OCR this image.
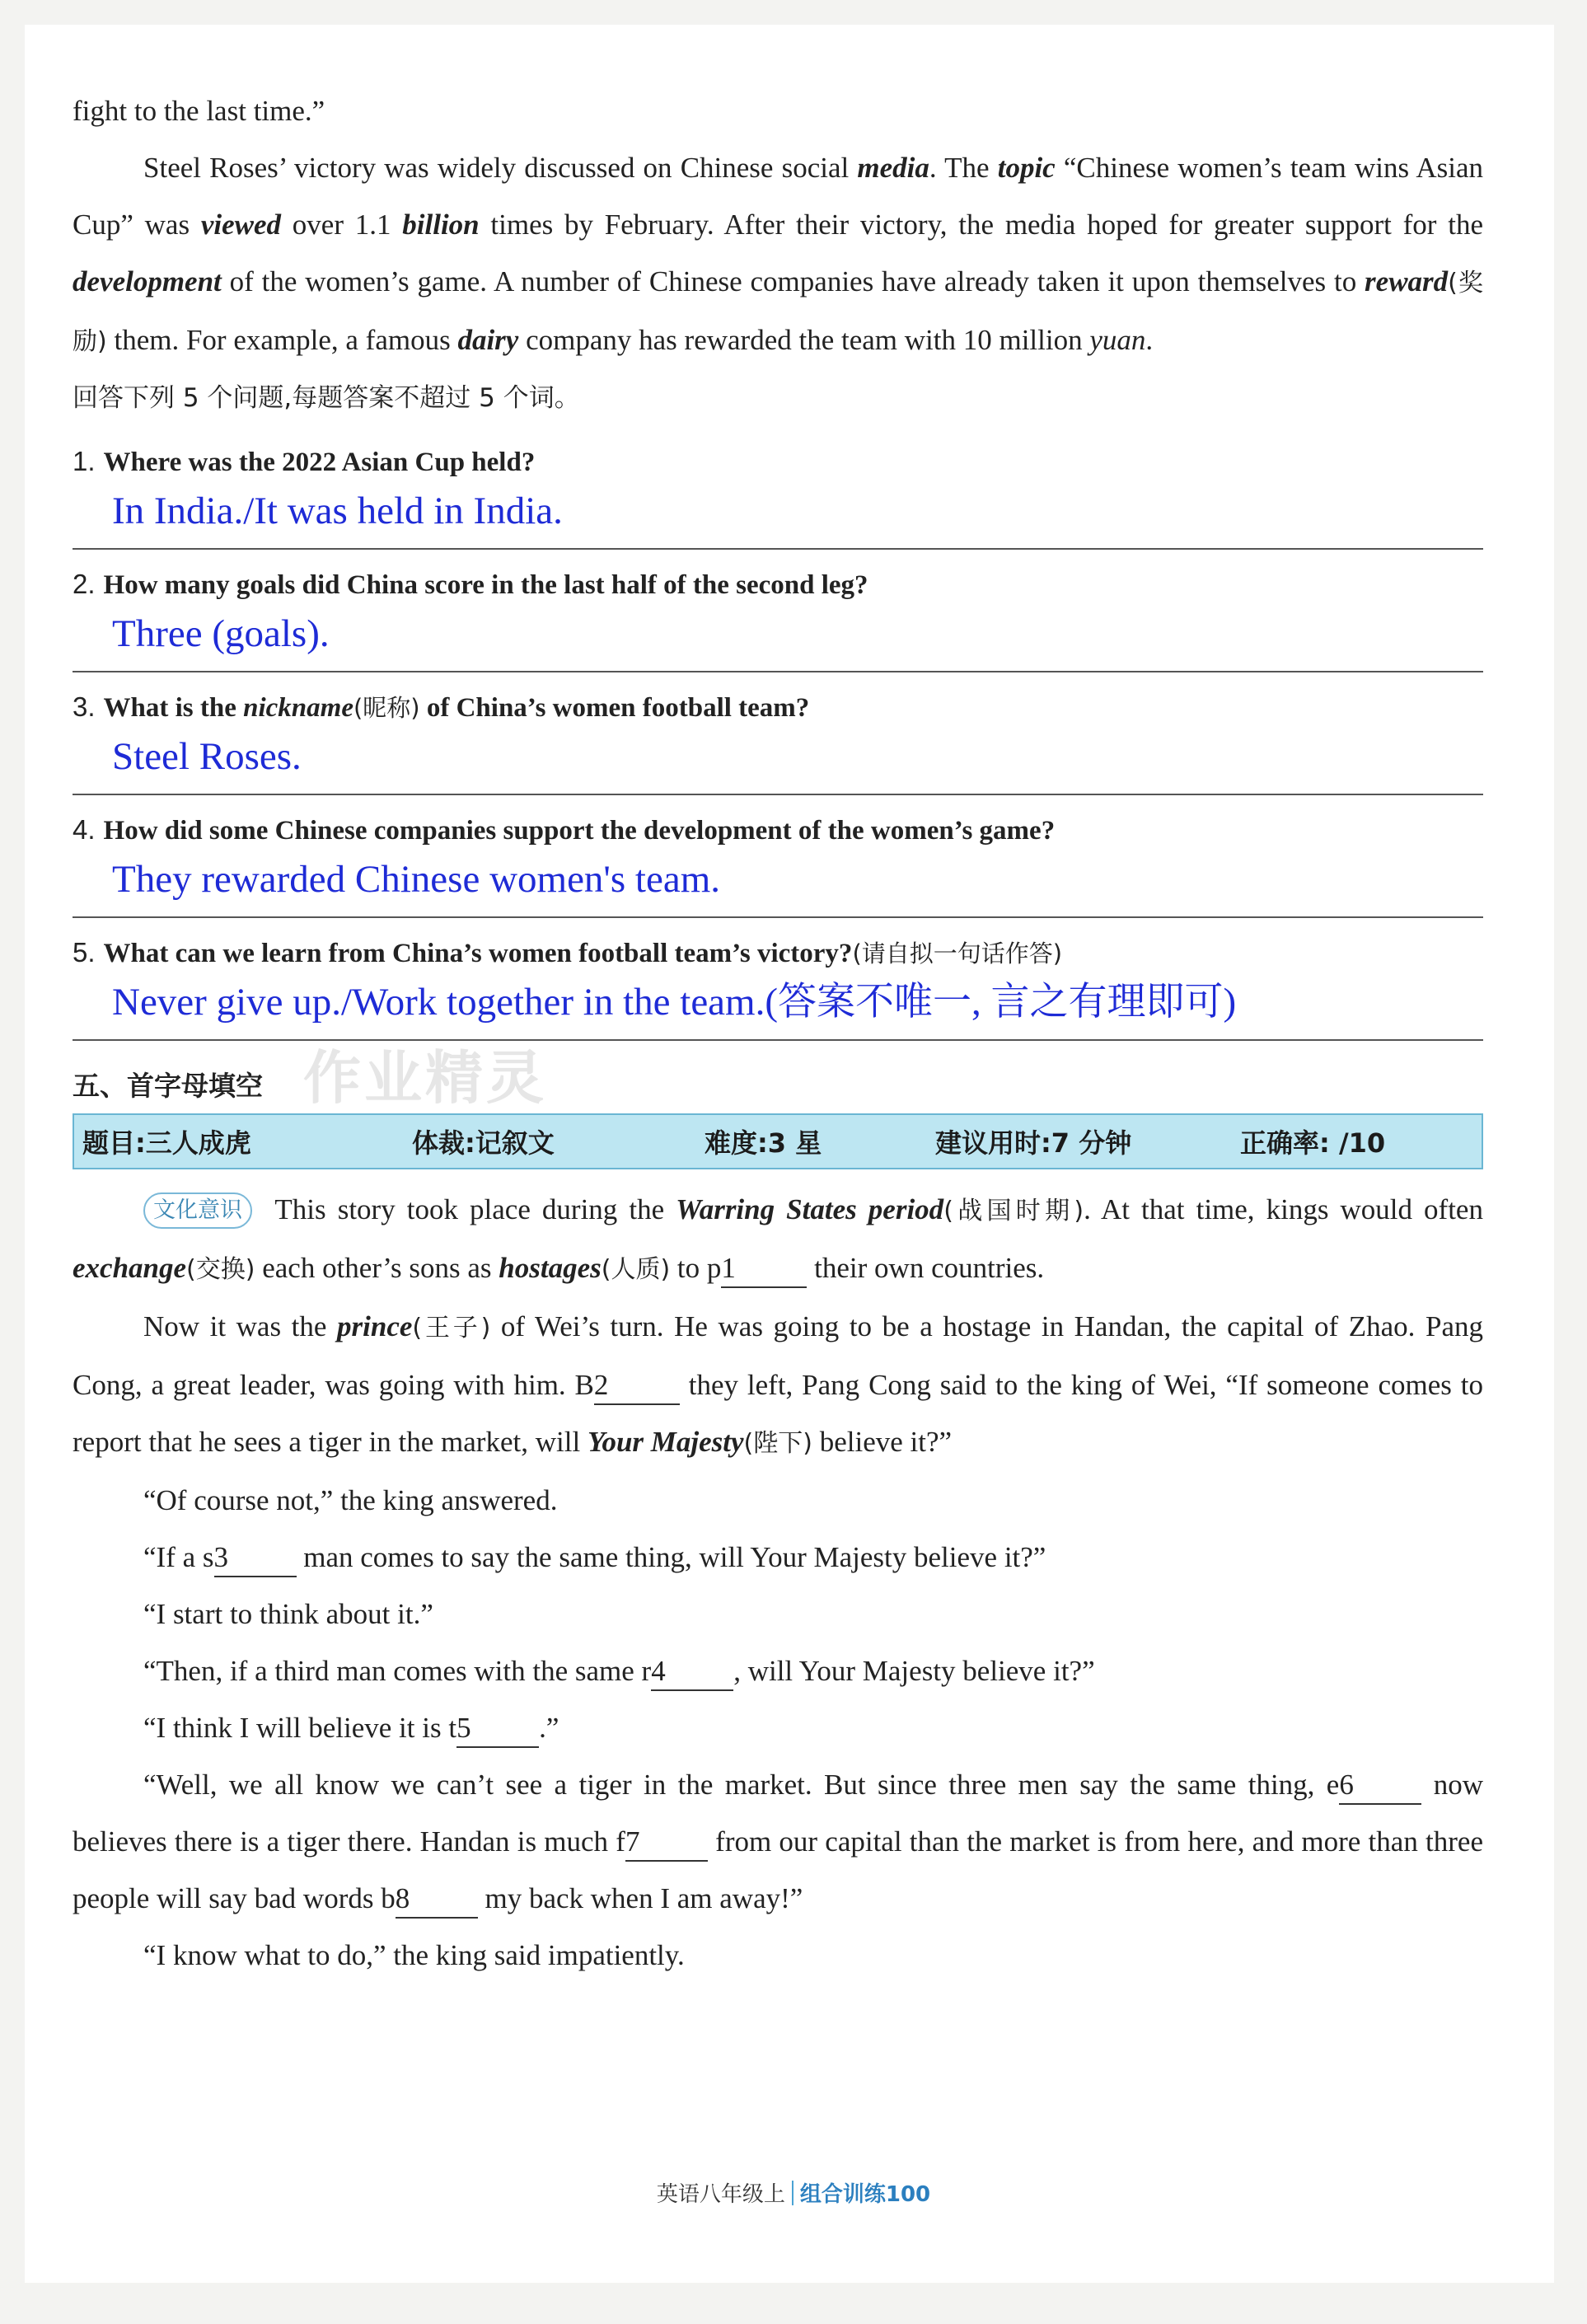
fight to the last time.”

Steel Roses’ victory was widely discussed on Chinese social media. The topic “Chinese women’s team wins Asian Cup” was viewed over 1.1 billion times by February. After their victory, the media hoped for greater support for the development of the women’s game. A number of Chinese companies have already taken it upon themselves to reward(奖励) them. For example, a famous dairy company has rewarded the team with 10 million yuan.

回答下列 5 个问题,每题答案不超过 5 个词。

1. Where was the 2022 Asian Cup held?
In India./It was held in India.
2. How many goals did China score in the last half of the second leg?
Three (goals).
3. What is the nickname(昵称) of China’s women football team?
Steel Roses.
4. How did some Chinese companies support the development of the women’s game?
They rewarded Chinese women's team.
5. What can we learn from China’s women football team’s victory?(请自拟一句话作答)
Never give up./Work together in the team.(答案不唯一, 言之有理即可)
五、首字母填空 作业精灵
题目:三人成虎	体裁:记叙文	难度:3 星	建议用时:7 分钟	正确率: /10

文化意识 This story took place during the Warring States period(战国时期). At that time, kings would often exchange(交换) each other’s sons as hostages(人质) to p1 their own countries.

Now it was the prince(王子) of Wei’s turn. He was going to be a hostage in Handan, the capital of Zhao. Pang Cong, a great leader, was going with him. B2 they left, Pang Cong said to the king of Wei, “If someone comes to report that he sees a tiger in the market, will Your Majesty(陛下) believe it?”

“Of course not,” the king answered.

“If a s3 man comes to say the same thing, will Your Majesty believe it?”

“I start to think about it.”

“Then, if a third man comes with the same r4 , will Your Majesty believe it?”

“I think I will believe it is t5 .”

“Well, we all know we can’t see a tiger in the market. But since three men say the same thing, e6 now believes there is a tiger there. Handan is much f7 from our capital than the market is from here, and more than three people will say bad words b8 my back when I am away!”

“I know what to do,” the king said impatiently.

英语八年级上 组合训练100
